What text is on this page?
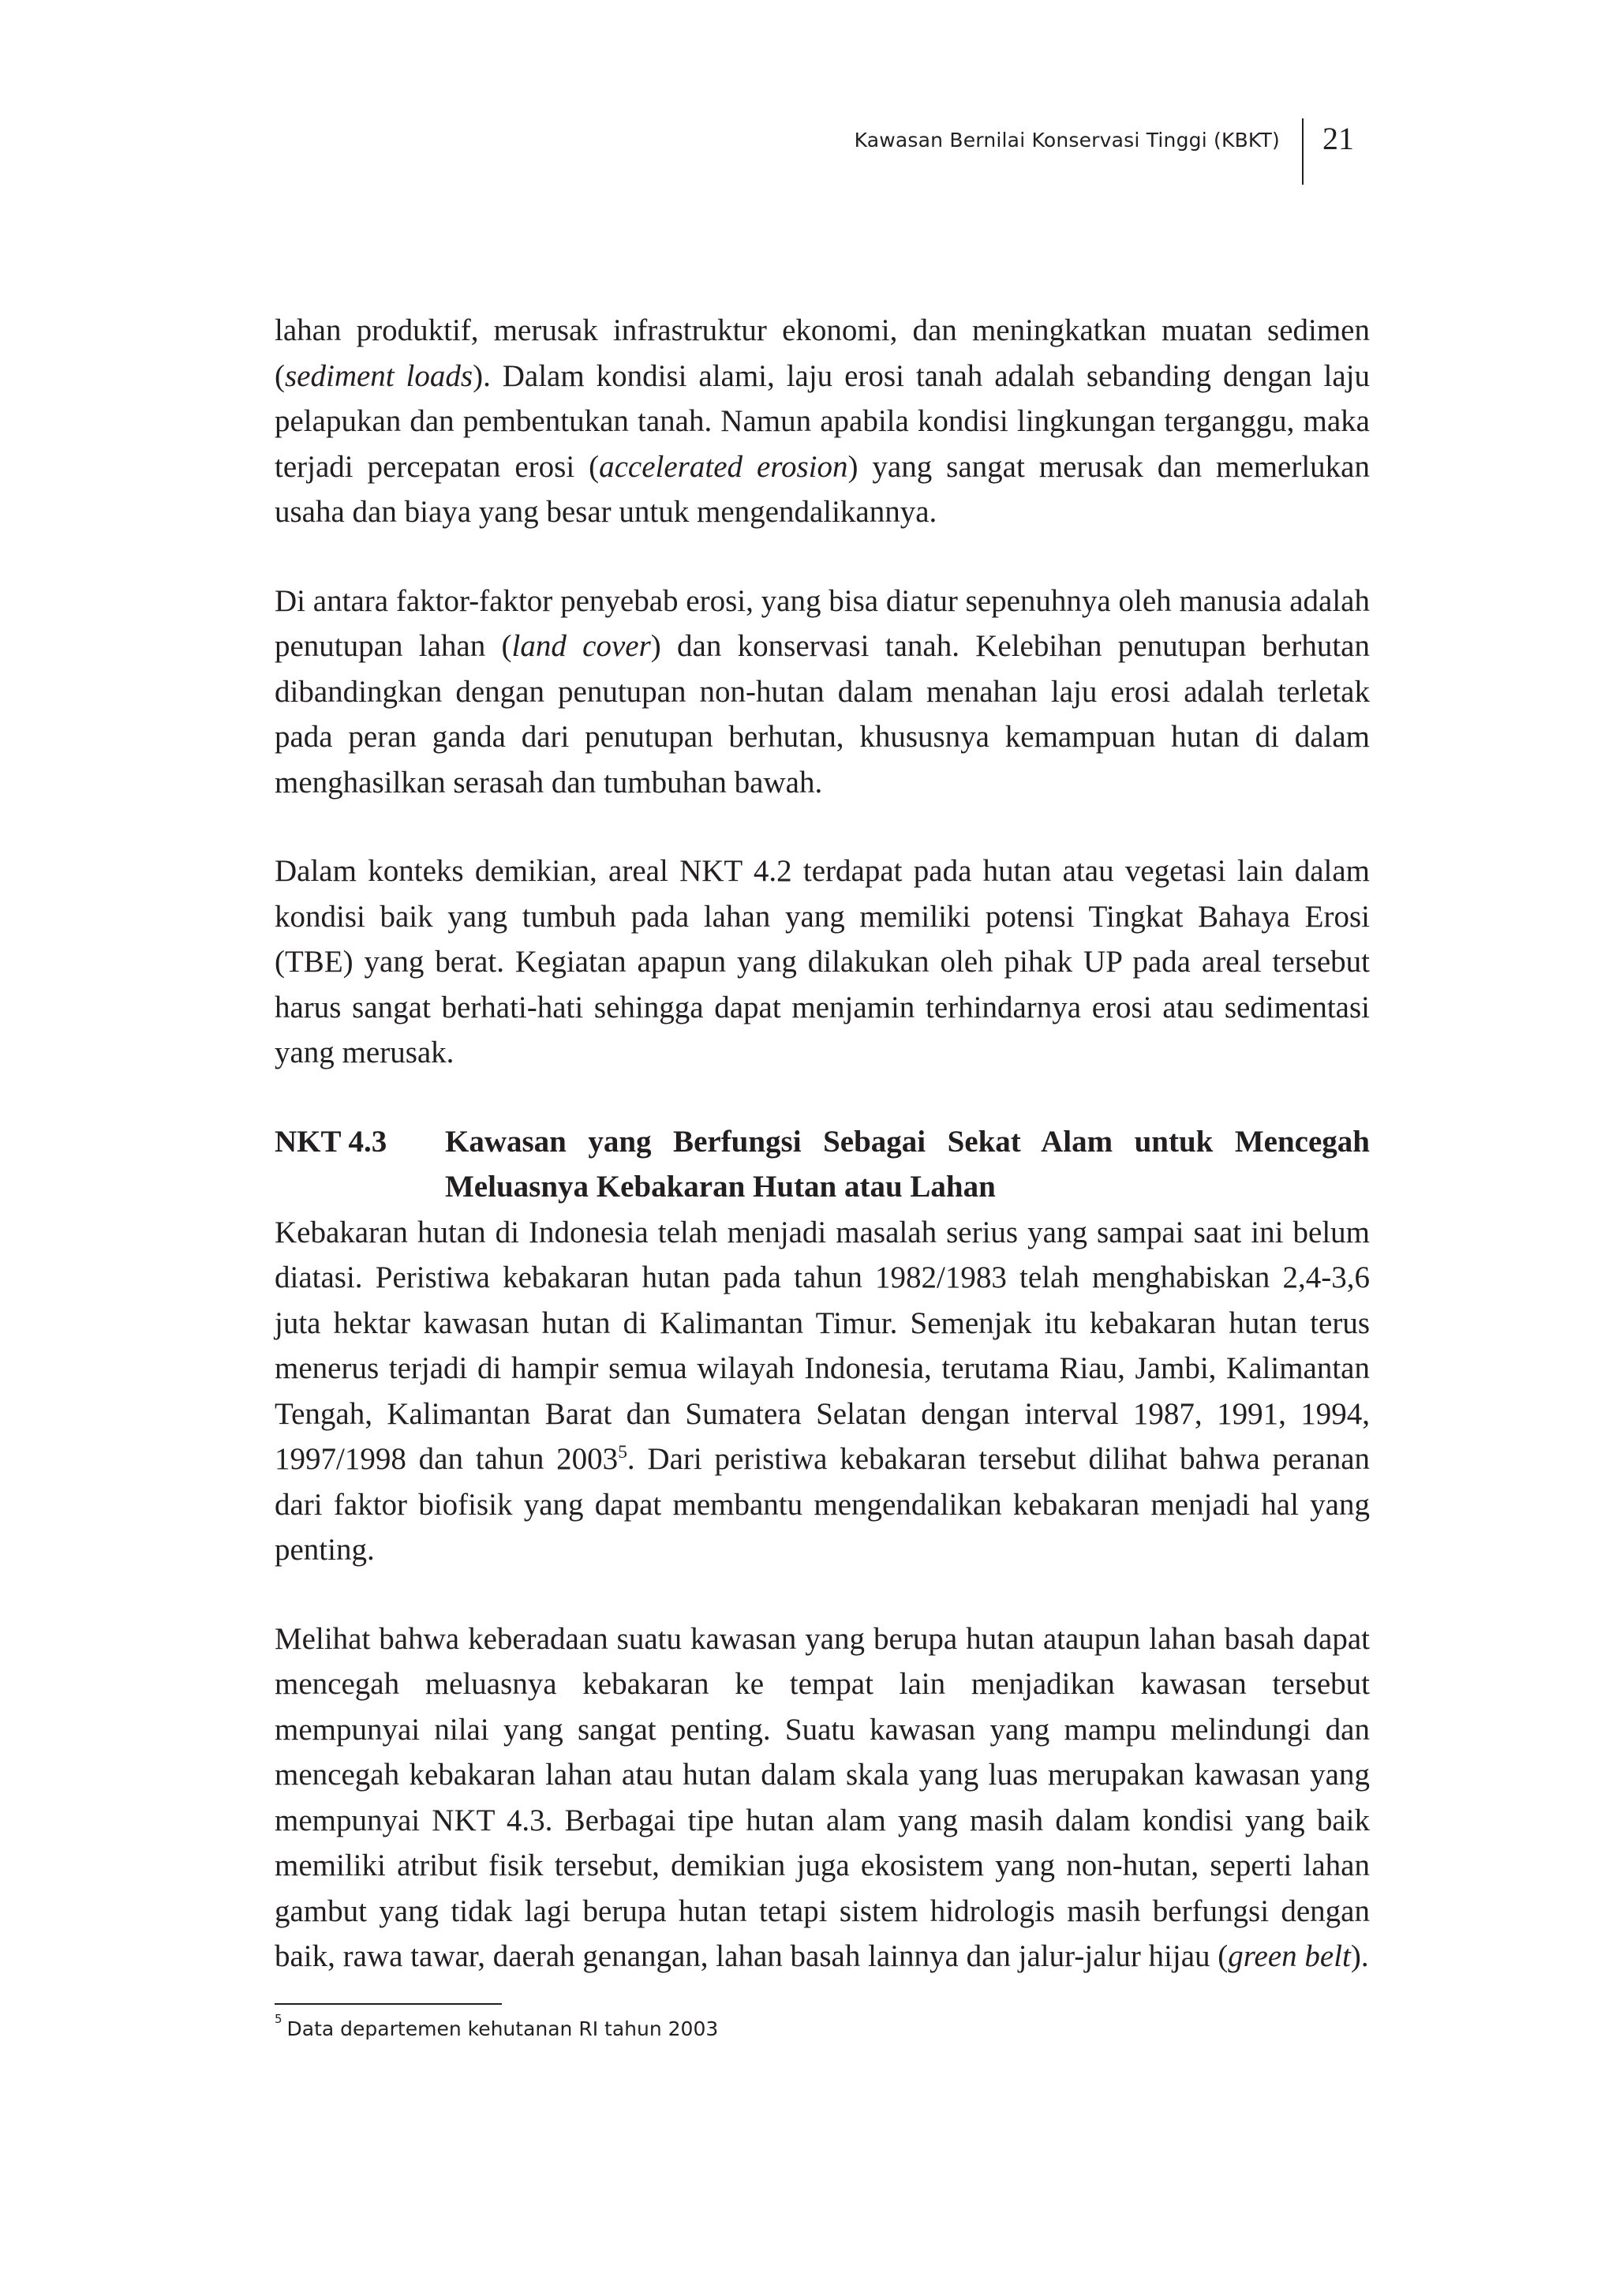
Kawasan Bernilai Konservasi Tinggi (KBKT) 21

lahan produktif, merusak infrastruktur ekonomi, dan meningkatkan muatan sedimen (sediment loads). Dalam kondisi alami, laju erosi tanah adalah sebanding dengan laju pelapukan dan pembentukan tanah. Namun apabila kondisi lingkungan terganggu, maka terjadi percepatan erosi (accelerated erosion) yang sangat merusak dan memerlukan usaha dan biaya yang besar untuk mengendalikannya.

Di antara faktor-faktor penyebab erosi, yang bisa diatur sepenuhnya oleh manusia adalah penutupan lahan (land cover) dan konservasi tanah. Kelebihan penutupan berhutan dibandingkan dengan penutupan non-hutan dalam menahan laju erosi adalah terletak pada peran ganda dari penutupan berhutan, khususnya kemampuan hutan di dalam menghasilkan serasah dan tumbuhan bawah.

Dalam konteks demikian, areal NKT 4.2 terdapat pada hutan atau vegetasi lain dalam kondisi baik yang tumbuh pada lahan yang memiliki potensi Tingkat Bahaya Erosi (TBE) yang berat. Kegiatan apapun yang dilakukan oleh pihak UP pada areal tersebut harus sangat berhati-hati sehingga dapat menjamin terhindarnya erosi atau sedimentasi yang merusak.

NKT 4.3	Kawasan yang Berfungsi Sebagai Sekat Alam untuk Mencegah Meluasnya Kebakaran Hutan atau Lahan

Kebakaran hutan di Indonesia telah menjadi masalah serius yang sampai saat ini belum diatasi. Peristiwa kebakaran hutan pada tahun 1982/1983 telah menghabiskan 2,4-3,6 juta hektar kawasan hutan di Kalimantan Timur. Semenjak itu kebakaran hutan terus menerus terjadi di hampir semua wilayah Indonesia, terutama Riau, Jambi, Kalimantan Tengah, Kalimantan Barat dan Sumatera Selatan dengan interval 1987, 1991, 1994, 1997/1998 dan tahun 2003$^5$. Dari peristiwa kebakaran tersebut dilihat bahwa peranan dari faktor biofisik yang dapat membantu mengendalikan kebakaran menjadi hal yang penting.

Melihat bahwa keberadaan suatu kawasan yang berupa hutan ataupun lahan basah dapat mencegah meluasnya kebakaran ke tempat lain menjadikan kawasan tersebut mempunyai nilai yang sangat penting. Suatu kawasan yang mampu melindungi dan mencegah kebakaran lahan atau hutan dalam skala yang luas merupakan kawasan yang mempunyai NKT 4.3. Berbagai tipe hutan alam yang masih dalam kondisi yang baik memiliki atribut fisik tersebut, demikian juga ekosistem yang non-hutan, seperti lahan gambut yang tidak lagi berupa hutan tetapi sistem hidrologis masih berfungsi dengan baik, rawa tawar, daerah genangan, lahan basah lainnya dan jalur-jalur hijau (green belt).

$^5$ Data departemen kehutanan RI tahun 2003
